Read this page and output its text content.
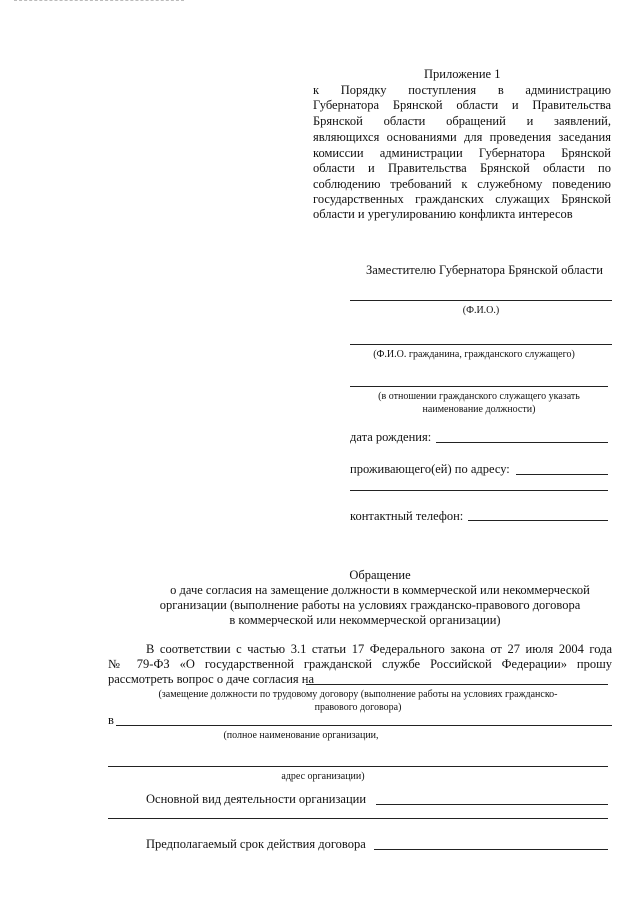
Приложение 1
к Порядку поступления в администрацию
Губернатора Брянской области и Правительства
Брянской области обращений и заявлений,
являющихся основаниями для проведения заседания
комиссии администрации Губернатора Брянской
области и Правительства Брянской области по
соблюдению требований к служебному поведению
государственных гражданских служащих Брянской
области и урегулированию конфликта интересов
Заместителю Губернатора Брянской области
(Ф.И.О.)
(Ф.И.О. гражданина, гражданского служащего)
(в отношении гражданского служащего указать
наименование должности)
дата рождения:
проживающего(ей) по адресу:
контактный телефон:
Обращение
о даче согласия на замещение должности в коммерческой или некоммерческой
организации (выполнение работы на условиях гражданско-правового договора
в коммерческой или некоммерческой организации)
В соответствии с частью 3.1 статьи 17 Федерального закона от 27 июля 2004 года
№ 79-ФЗ «О государственной гражданской службе Российской Федерации» прошу
рассмотреть вопрос о даче согласия на
(замещение должности по трудовому договору (выполнение работы на условиях гражданско-
правового договора)
в
(полное наименование организации,
адрес организации)
Основной вид деятельности организации
Предполагаемый срок действия договора
